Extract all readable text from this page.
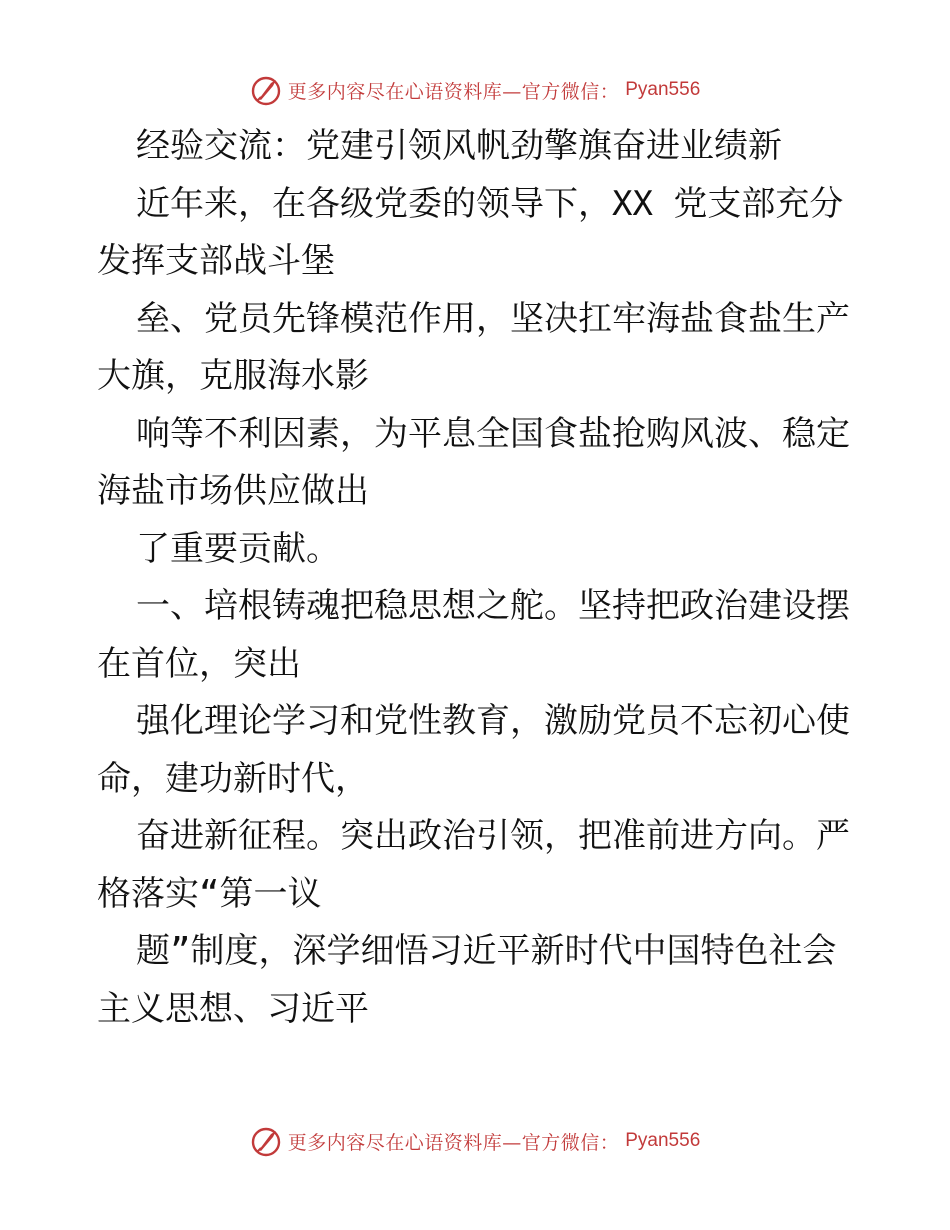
更多内容尽在心语资料库—官方微信： Pyan556
经验交流：党建引领风帆劲擎旗奋进业绩新
近年来，在各级党委的领导下，XX 党支部充分
发挥支部战斗堡
垒、党员先锋模范作用，坚决扛牢海盐食盐生产
大旗，克服海水影
响等不利因素，为平息全国食盐抢购风波、稳定
海盐市场供应做出
了重要贡献。
一、培根铸魂把稳思想之舵。坚持把政治建设摆
在首位，突出
强化理论学习和党性教育，激励党员不忘初心使
命，建功新时代，
奋进新征程。突出政治引领，把准前进方向。严
格落实“第一议
题”制度，深学细悟习近平新时代中国特色社会
主义思想、习近平
更多内容尽在心语资料库—官方微信： Pyan556
